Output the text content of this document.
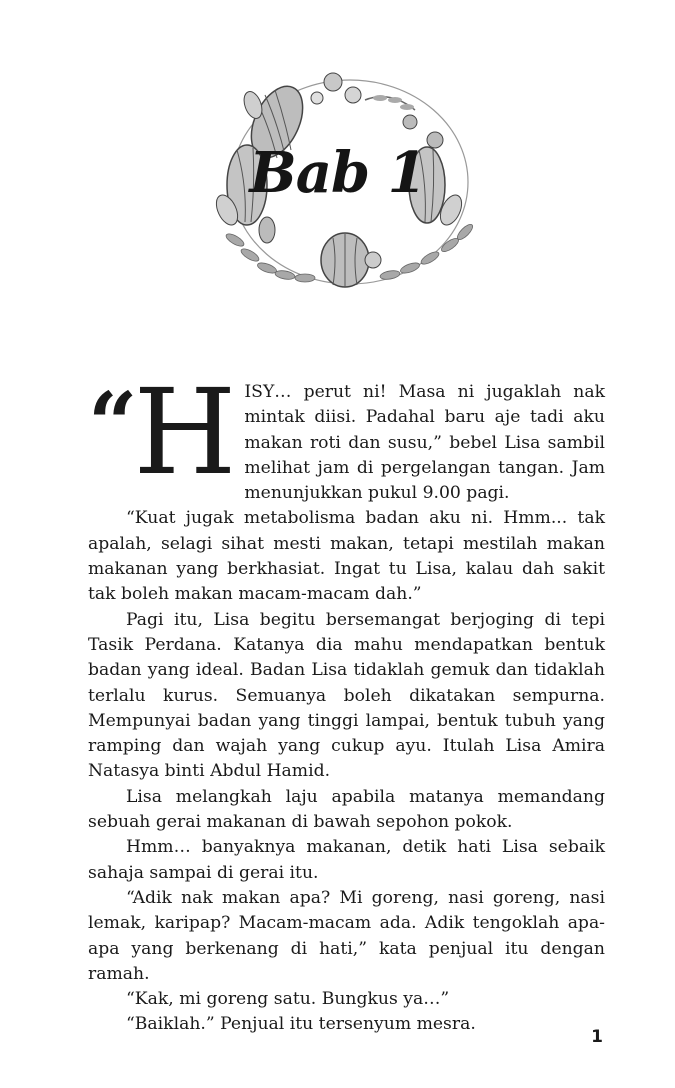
Bab 1

“
H ISY… perut ni! Masa ni jugaklah nak mintak diisi. Padahal baru aje tadi aku makan roti dan susu,” bebel Lisa sambil melihat jam di pergelangan tangan. Jam menunjukkan pukul 9.00 pagi.

“Kuat jugak metabolisma badan aku ni. Hmm... tak apalah, selagi sihat mesti makan, tetapi mestilah makan makanan yang berkhasiat. Ingat tu Lisa, kalau dah sakit tak boleh makan macam-macam dah.”

Pagi itu, Lisa begitu bersemangat berjoging di tepi Tasik Perdana. Katanya dia mahu mendapatkan bentuk badan yang ideal. Badan Lisa tidaklah gemuk dan tidaklah terlalu kurus. Semuanya boleh dikatakan sempurna. Mempunyai badan yang tinggi lampai, bentuk tubuh yang ramping dan wajah yang cukup ayu. Itulah Lisa Amira Natasya binti Abdul Hamid.

Lisa melangkah laju apabila matanya memandang sebuah gerai makanan di bawah sepohon pokok.

Hmm… banyaknya makanan, detik hati Lisa sebaik sahaja sampai di gerai itu.

“Adik nak makan apa? Mi goreng, nasi goreng, nasi lemak, karipap? Macam-macam ada. Adik tengoklah apa-apa yang berkenang di hati,” kata penjual itu dengan ramah.

“Kak, mi goreng satu. Bungkus ya…”

“Baiklah.” Penjual itu tersenyum mesra.

1
